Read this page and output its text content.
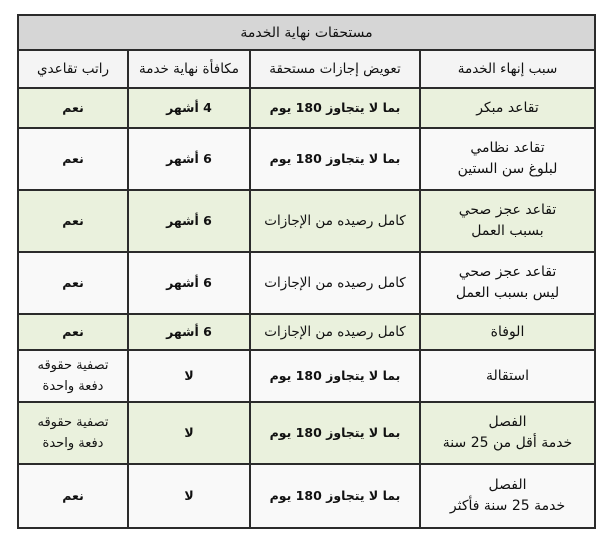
مستحقات نهاية الخدمة			
سبب إنهاء الخدمة	تعويض إجازات مستحقة	مكافأة نهاية خدمة	راتب تقاعدي

تقاعد مبكر	بما لا يتجاوز 180 يوم	4 أشهر	نعم

تقاعد نظامي
لبلوغ سن الستين	بما لا يتجاوز 180 يوم	6 أشهر	نعم

تقاعد عجز صحي
بسبب العمل	كامل رصيده من الإجازات	6 أشهر	نعم

تقاعد عجز صحي
ليس بسبب العمل	كامل رصيده من الإجازات	6 أشهر	نعم

الوفاة	كامل رصيده من الإجازات	6 أشهر	نعم

استقالة	بما لا يتجاوز 180 يوم	لا	تصفية حقوقه
دفعة واحدة

الفصل
خدمة أقل من 25 سنة	بما لا يتجاوز 180 يوم	لا	تصفية حقوقه
دفعة واحدة

الفصل
خدمة 25 سنة فأكثر	بما لا يتجاوز 180 يوم	لا	نعم
